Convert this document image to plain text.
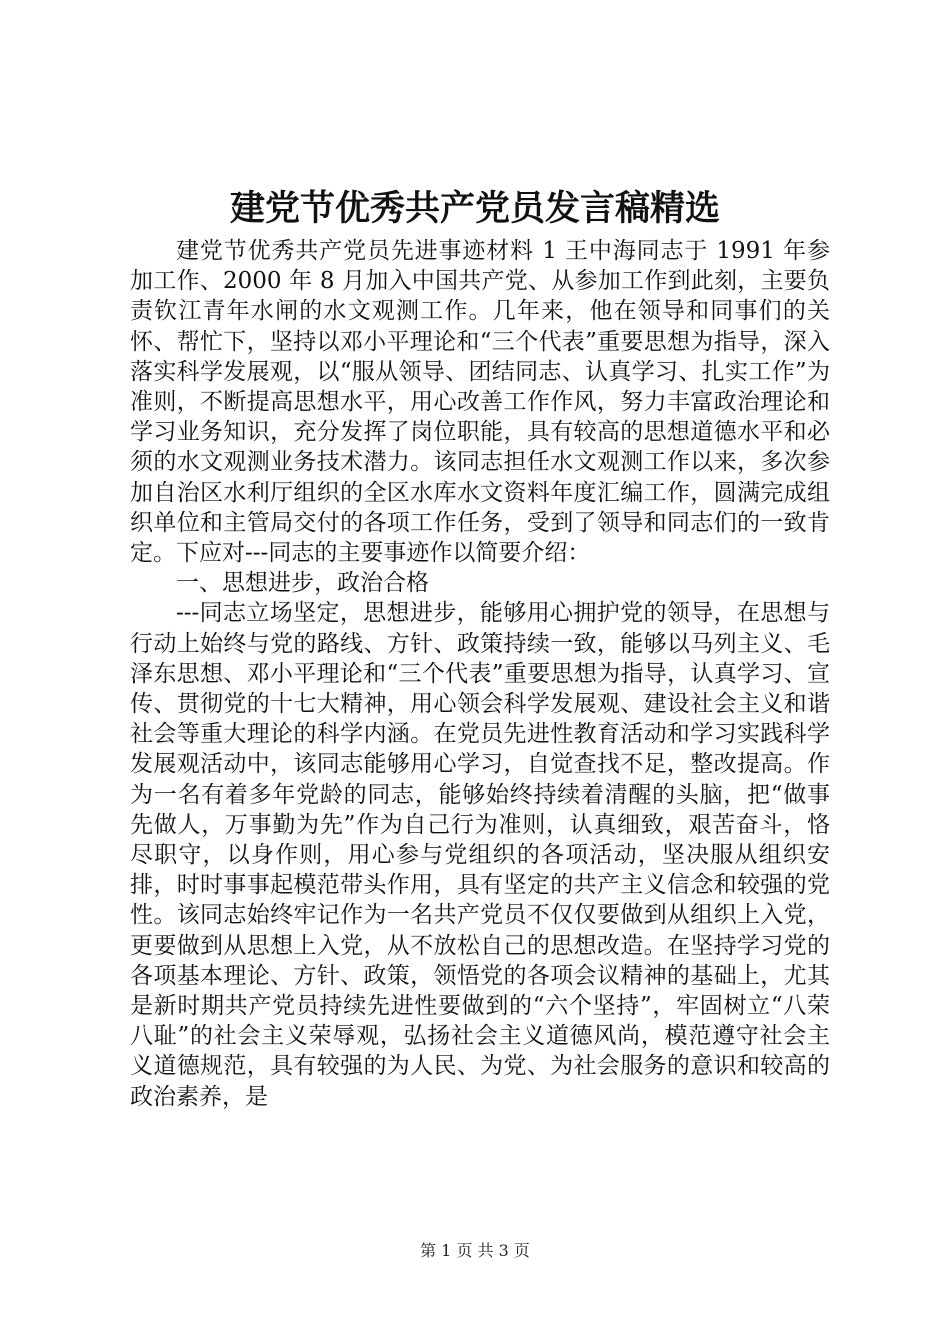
建党节优秀共产党员发言稿精选

建党节优秀共产党员先进事迹材料 1 王中海同志于 1991 年参加工作、2000 年 8 月加入中国共产党、从参加工作到此刻，主要负责钦江青年水闸的水文观测工作。几年来，他在领导和同事们的关怀、帮忙下，坚持以邓小平理论和“三个代表”重要思想为指导，深入落实科学发展观，以“服从领导、团结同志、认真学习、扎实工作”为准则，不断提高思想水平，用心改善工作作风，努力丰富政治理论和学习业务知识，充分发挥了岗位职能，具有较高的思想道德水平和必须的水文观测业务技术潜力。该同志担任水文观测工作以来，多次参加自治区水利厅组织的全区水库水文资料年度汇编工作，圆满完成组织单位和主管局交付的各项工作任务，受到了领导和同志们的一致肯定。下应对---同志的主要事迹作以简要介绍：

一、思想进步，政治合格

---同志立场坚定，思想进步，能够用心拥护党的领导，在思想与行动上始终与党的路线、方针、政策持续一致，能够以马列主义、毛泽东思想、邓小平理论和“三个代表”重要思想为指导，认真学习、宣传、贯彻党的十七大精神，用心领会科学发展观、建设社会主义和谐社会等重大理论的科学内涵。在党员先进性教育活动和学习实践科学发展观活动中，该同志能够用心学习，自觉查找不足，整改提高。作为一名有着多年党龄的同志，能够始终持续着清醒的头脑，把“做事先做人，万事勤为先”作为自己行为准则，认真细致，艰苦奋斗，恪尽职守，以身作则，用心参与党组织的各项活动，坚决服从组织安排，时时事事起模范带头作用，具有坚定的共产主义信念和较强的党性。该同志始终牢记作为一名共产党员不仅仅要做到从组织上入党，更要做到从思想上入党，从不放松自己的思想改造。在坚持学习党的各项基本理论、方针、政策，领悟党的各项会议精神的基础上，尤其是新时期共产党员持续先进性要做到的“六个坚持”，牢固树立“八荣八耻”的社会主义荣辱观，弘扬社会主义道德风尚，模范遵守社会主义道德规范，具有较强的为人民、为党、为社会服务的意识和较高的政治素养，是

第 1 页 共 3 页
